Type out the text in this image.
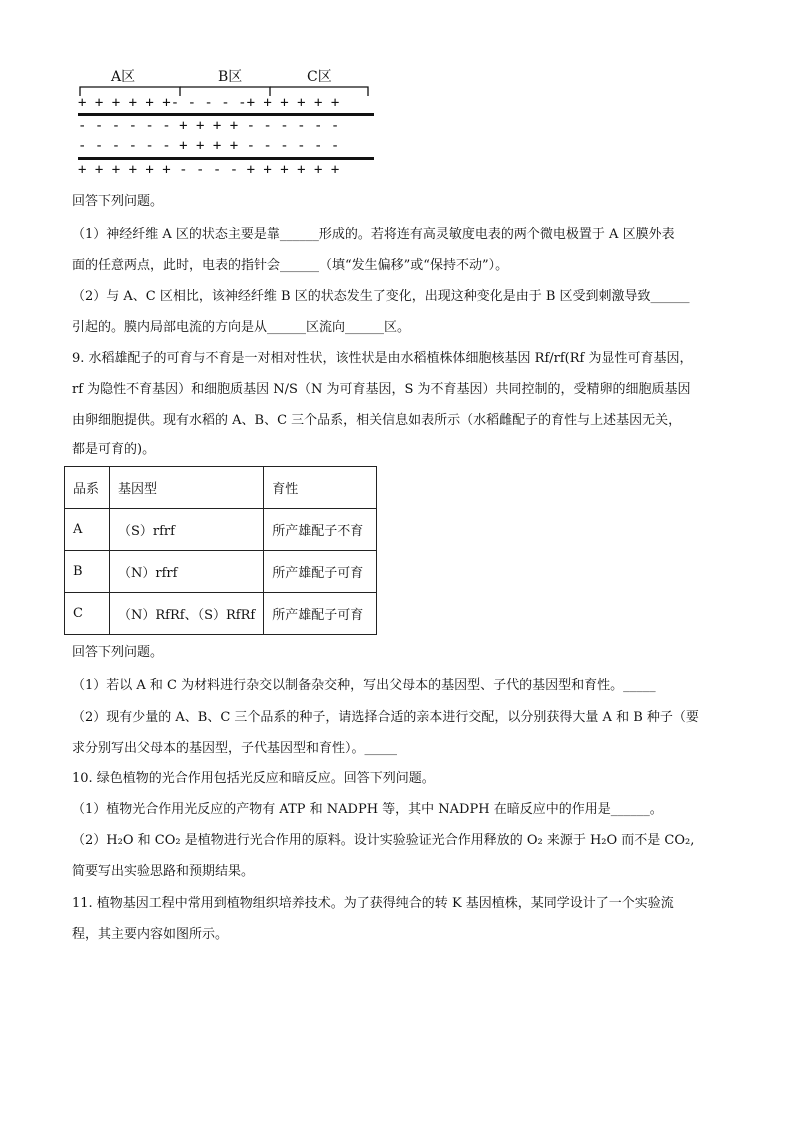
A区	B区	C区
+ + + + + +- - - - -+ + + + + +
- - - - - - + + + + - - - - - -
- - - - - - + + + + - - - - - -
+ + + + + + - - - - + + + + + +
回答下列问题。
（1）神经纤维 A 区的状态主要是靠______形成的。若将连有高灵敏度电表的两个微电极置于 A 区膜外表
面的任意两点，此时，电表的指针会______（填“发生偏移”或“保持不动”）。
（2）与 A、C 区相比，该神经纤维 B 区的状态发生了变化，出现这种变化是由于 B 区受到刺激导致______
引起的。膜内局部电流的方向是从______区流向______区。
9. 水稻雄配子的可育与不育是一对相对性状，该性状是由水稻植株体细胞核基因 Rf/rf(Rf 为显性可育基因，
rf 为隐性不育基因）和细胞质基因 N/S（N 为可育基因，S 为不育基因）共同控制的，受精卵的细胞质基因
由卵细胞提供。现有水稻的 A、B、C 三个品系，相关信息如表所示（水稻雌配子的育性与上述基因无关，
都是可育的)。
品系	基因型	育性
A	（S）rfrf	所产雄配子不育
B	（N）rfrf	所产雄配子可育
C	（N）RfRf、（S）RfRf	所产雄配子可育
回答下列问题。
（1）若以 A 和 C 为材料进行杂交以制备杂交种，写出父母本的基因型、子代的基因型和育性。_____
（2）现有少量的 A、B、C 三个品系的种子，请选择合适的亲本进行交配，以分别获得大量 A 和 B 种子（要
求分别写出父母本的基因型，子代基因型和育性）。_____
10. 绿色植物的光合作用包括光反应和暗反应。回答下列问题。
（1）植物光合作用光反应的产物有 ATP 和 NADPH 等，其中 NADPH 在暗反应中的作用是______。
（2）H₂O 和 CO₂ 是植物进行光合作用的原料。设计实验验证光合作用释放的 O₂ 来源于 H₂O 而不是 CO₂,
简要写出实验思路和预期结果。
11. 植物基因工程中常用到植物组织培养技术。为了获得纯合的转 K 基因植株，某同学设计了一个实验流
程，其主要内容如图所示。
